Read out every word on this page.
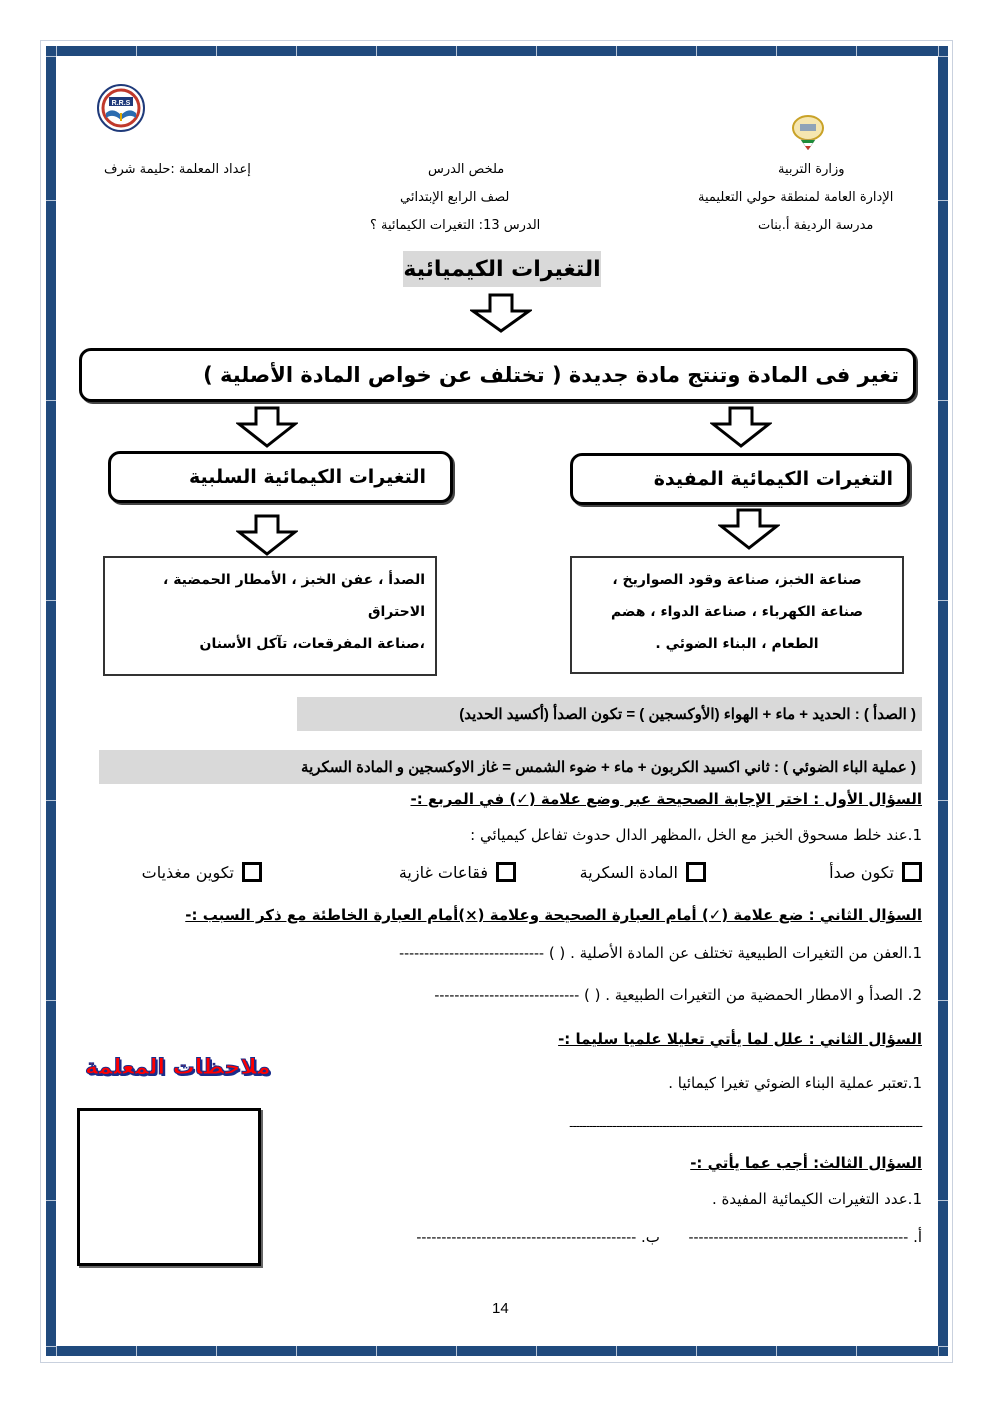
R.R.S
وزارة التربية
الإدارة العامة لمنطقة حولي التعليمية
مدرسة الرديفة أ.بنات
ملخص الدرس
لصف الرابع الإبتدائي
الدرس 13: التغيرات الكيمائية ؟
إعداد المعلمة :حليمة شرف
التغيرات الكيميائية
تغير فى المادة وتنتج مادة جديدة ( تختلف عن خواص المادة الأصلية )
التغيرات الكيمائية المفيدة
التغيرات الكيمائية السلبية
صناعة الخبز، صناعة وقود الصواريخ ،
صناعة الكهرباء ، صناعة الدواء ، هضم
الطعام ، البناء الضوئي .
الصدأ ، عفن الخبز ، الأمطار الحمضية ، الاحتراق
،صناعة المفرقعات، تآكل الأسنان
( الصدأ ) : الحديد + ماء + الهواء (الأوكسجين ) = تكون الصدأ (أكسيد الحديد)
( عملية الباء الضوئي ) : ثاني اكسيد الكربون + ماء + ضوء الشمس = غاز الاوكسجين و المادة السكرية
السؤال الأول : اختر الإجابة الصحيحة عبر وضع علامة (✓) في المربع :-
1.عند خلط مسحوق الخبز مع الخل ،المظهر الدال حدوث تفاعل كيميائي :
تكون صدأ
المادة السكرية
فقاعات غازية
تكوين مغذيات
السؤال الثاني : ضع علامة (✓) أمام العبارة الصحيحة وعلامة (×)أمام العبارة الخاطئة مع ذكر السبب :-
1.العفن من التغيرات الطبيعية تختلف عن المادة الأصلية . ( ) -----------------------------
2. الصدأ و الامطار الحمضية من التغيرات الطبيعية . ( ) -----------------------------
السؤال الثاني : علل لما يأتي تعليلا علميا سليما :-
1.تعتبر عملية البناء الضوئي تغيرا كيمائيا .
----------------------------------------------------------------------------------------------------------
السؤال الثالث: أجب عما يأتي :-
1.عدد التغيرات الكيمائية المفيدة .
أ. --------------------------------------------      ب. --------------------------------------------
ملاحظات المعلمة
14
